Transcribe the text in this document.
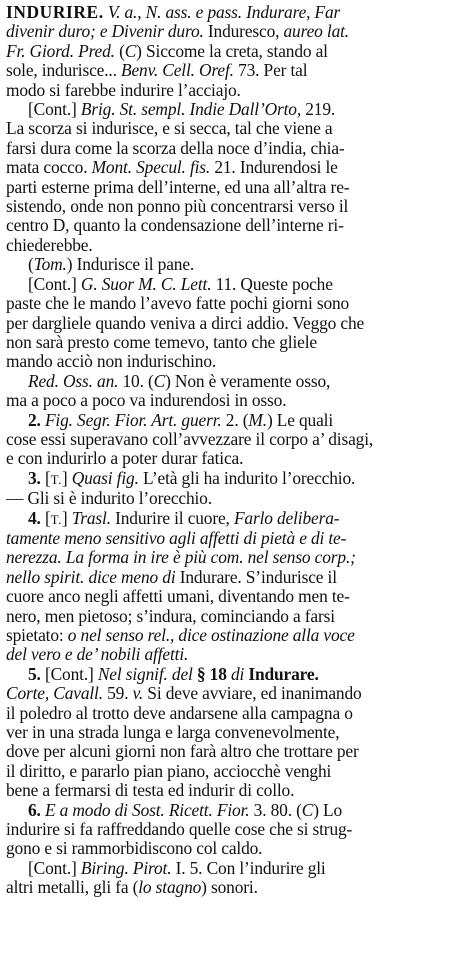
INDURIRE. V. a., N. ass. e pass. Indurare, Far
divenir duro; e Divenir duro. Induresco, aureo lat.
Fr. Giord. Pred. (C) Siccome la creta, stando al
sole, indurisce... Benv. Cell. Oref. 73. Per tal
modo si farebbe indurire l’acciajo.
[Cont.] Brig. St. sempl. Indie Dall’Orto, 219.
La scorza si indurisce, e si secca, tal che viene a
farsi dura come la scorza della noce d’india, chia-
mata cocco. Mont. Specul. fis. 21. Indurendosi le
parti esterne prima dell’interne, ed una all’altra re-
sistendo, onde non ponno più concentrarsi verso il
centro D, quanto la condensazione dell’interne ri-
chiederebbe.
(Tom.) Indurisce il pane.
[Cont.] G. Suor M. C. Lett. 11. Queste poche
paste che le mando l’avevo fatte pochi giorni sono
per dargliele quando veniva a dirci addio. Veggo che
non sarà presto come temevo, tanto che gliele
mando acciò non indurischino.
Red. Oss. an. 10. (C) Non è veramente osso,
ma a poco a poco va indurendosi in osso.
2. Fig. Segr. Fior. Art. guerr. 2. (M.) Le quali
cose essi superavano coll’avvezzare il corpo a’ disagi,
e con indurirlo a poter durar fatica.
3. [T.] Quasi fig. L’età gli ha indurito l’orecchio.
— Gli si è indurito l’orecchio.
4. [T.] Trasl. Indurire il cuore, Farlo delibera-
tamente meno sensitivo agli affetti di pietà e di te-
nerezza. La forma in ire è più com. nel senso corp.;
nello spirit. dice meno di Indurare. S’indurisce il
cuore anco negli affetti umani, diventando men te-
nero, men pietoso; s’indura, cominciando a farsi
spietato: o nel senso rel., dice ostinazione alla voce
del vero e de’ nobili affetti.
5. [Cont.] Nel signif. del § 18 di Indurare.
Corte, Cavall. 59. v. Si deve avviare, ed inanimando
il poledro al trotto deve andarsene alla campagna o
ver in una strada lunga e larga convenevolmente,
dove per alcuni giorni non farà altro che trottare per
il diritto, e pararlo pian piano, acciocchè venghi
bene a fermarsi di testa ed indurir di collo.
6. E a modo di Sost. Ricett. Fior. 3. 80. (C) Lo
indurire si fa raffreddando quelle cose che si strug-
gono e si rammorbidiscono col caldo.
[Cont.] Biring. Pirot. I. 5. Con l’indurire gli
altri metalli, gli fa (lo stagno) sonori.
